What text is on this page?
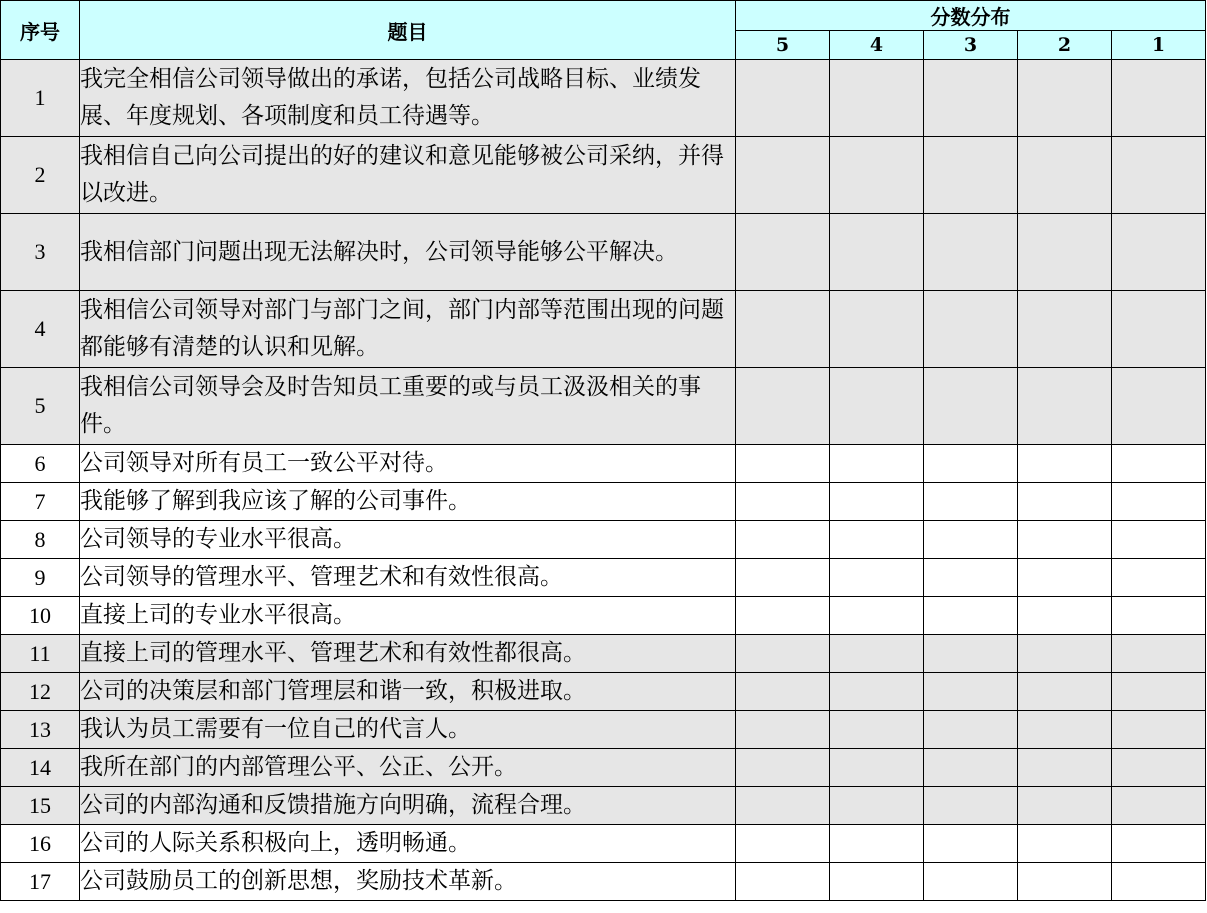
序号	题目	分数分布				
		5	4	3	2	1
1	我完全相信公司领导做出的承诺，包括公司战略目标、业绩发展、年度规划、各项制度和员工待遇等。					
2	我相信自己向公司提出的好的建议和意见能够被公司采纳，并得以改进。					
3	我相信部门问题出现无法解决时，公司领导能够公平解决。					
4	我相信公司领导对部门与部门之间，部门内部等范围出现的问题都能够有清楚的认识和见解。					
5	我相信公司领导会及时告知员工重要的或与员工汲汲相关的事件。					
6	公司领导对所有员工一致公平对待。					
7	我能够了解到我应该了解的公司事件。					
8	公司领导的专业水平很高。					
9	公司领导的管理水平、管理艺术和有效性很高。					
10	直接上司的专业水平很高。					
11	直接上司的管理水平、管理艺术和有效性都很高。					
12	公司的决策层和部门管理层和谐一致，积极进取。					
13	我认为员工需要有一位自己的代言人。					
14	我所在部门的内部管理公平、公正、公开。					
15	公司的内部沟通和反馈措施方向明确，流程合理。					
16	公司的人际关系积极向上，透明畅通。					
17	公司鼓励员工的创新思想，奖励技术革新。					
